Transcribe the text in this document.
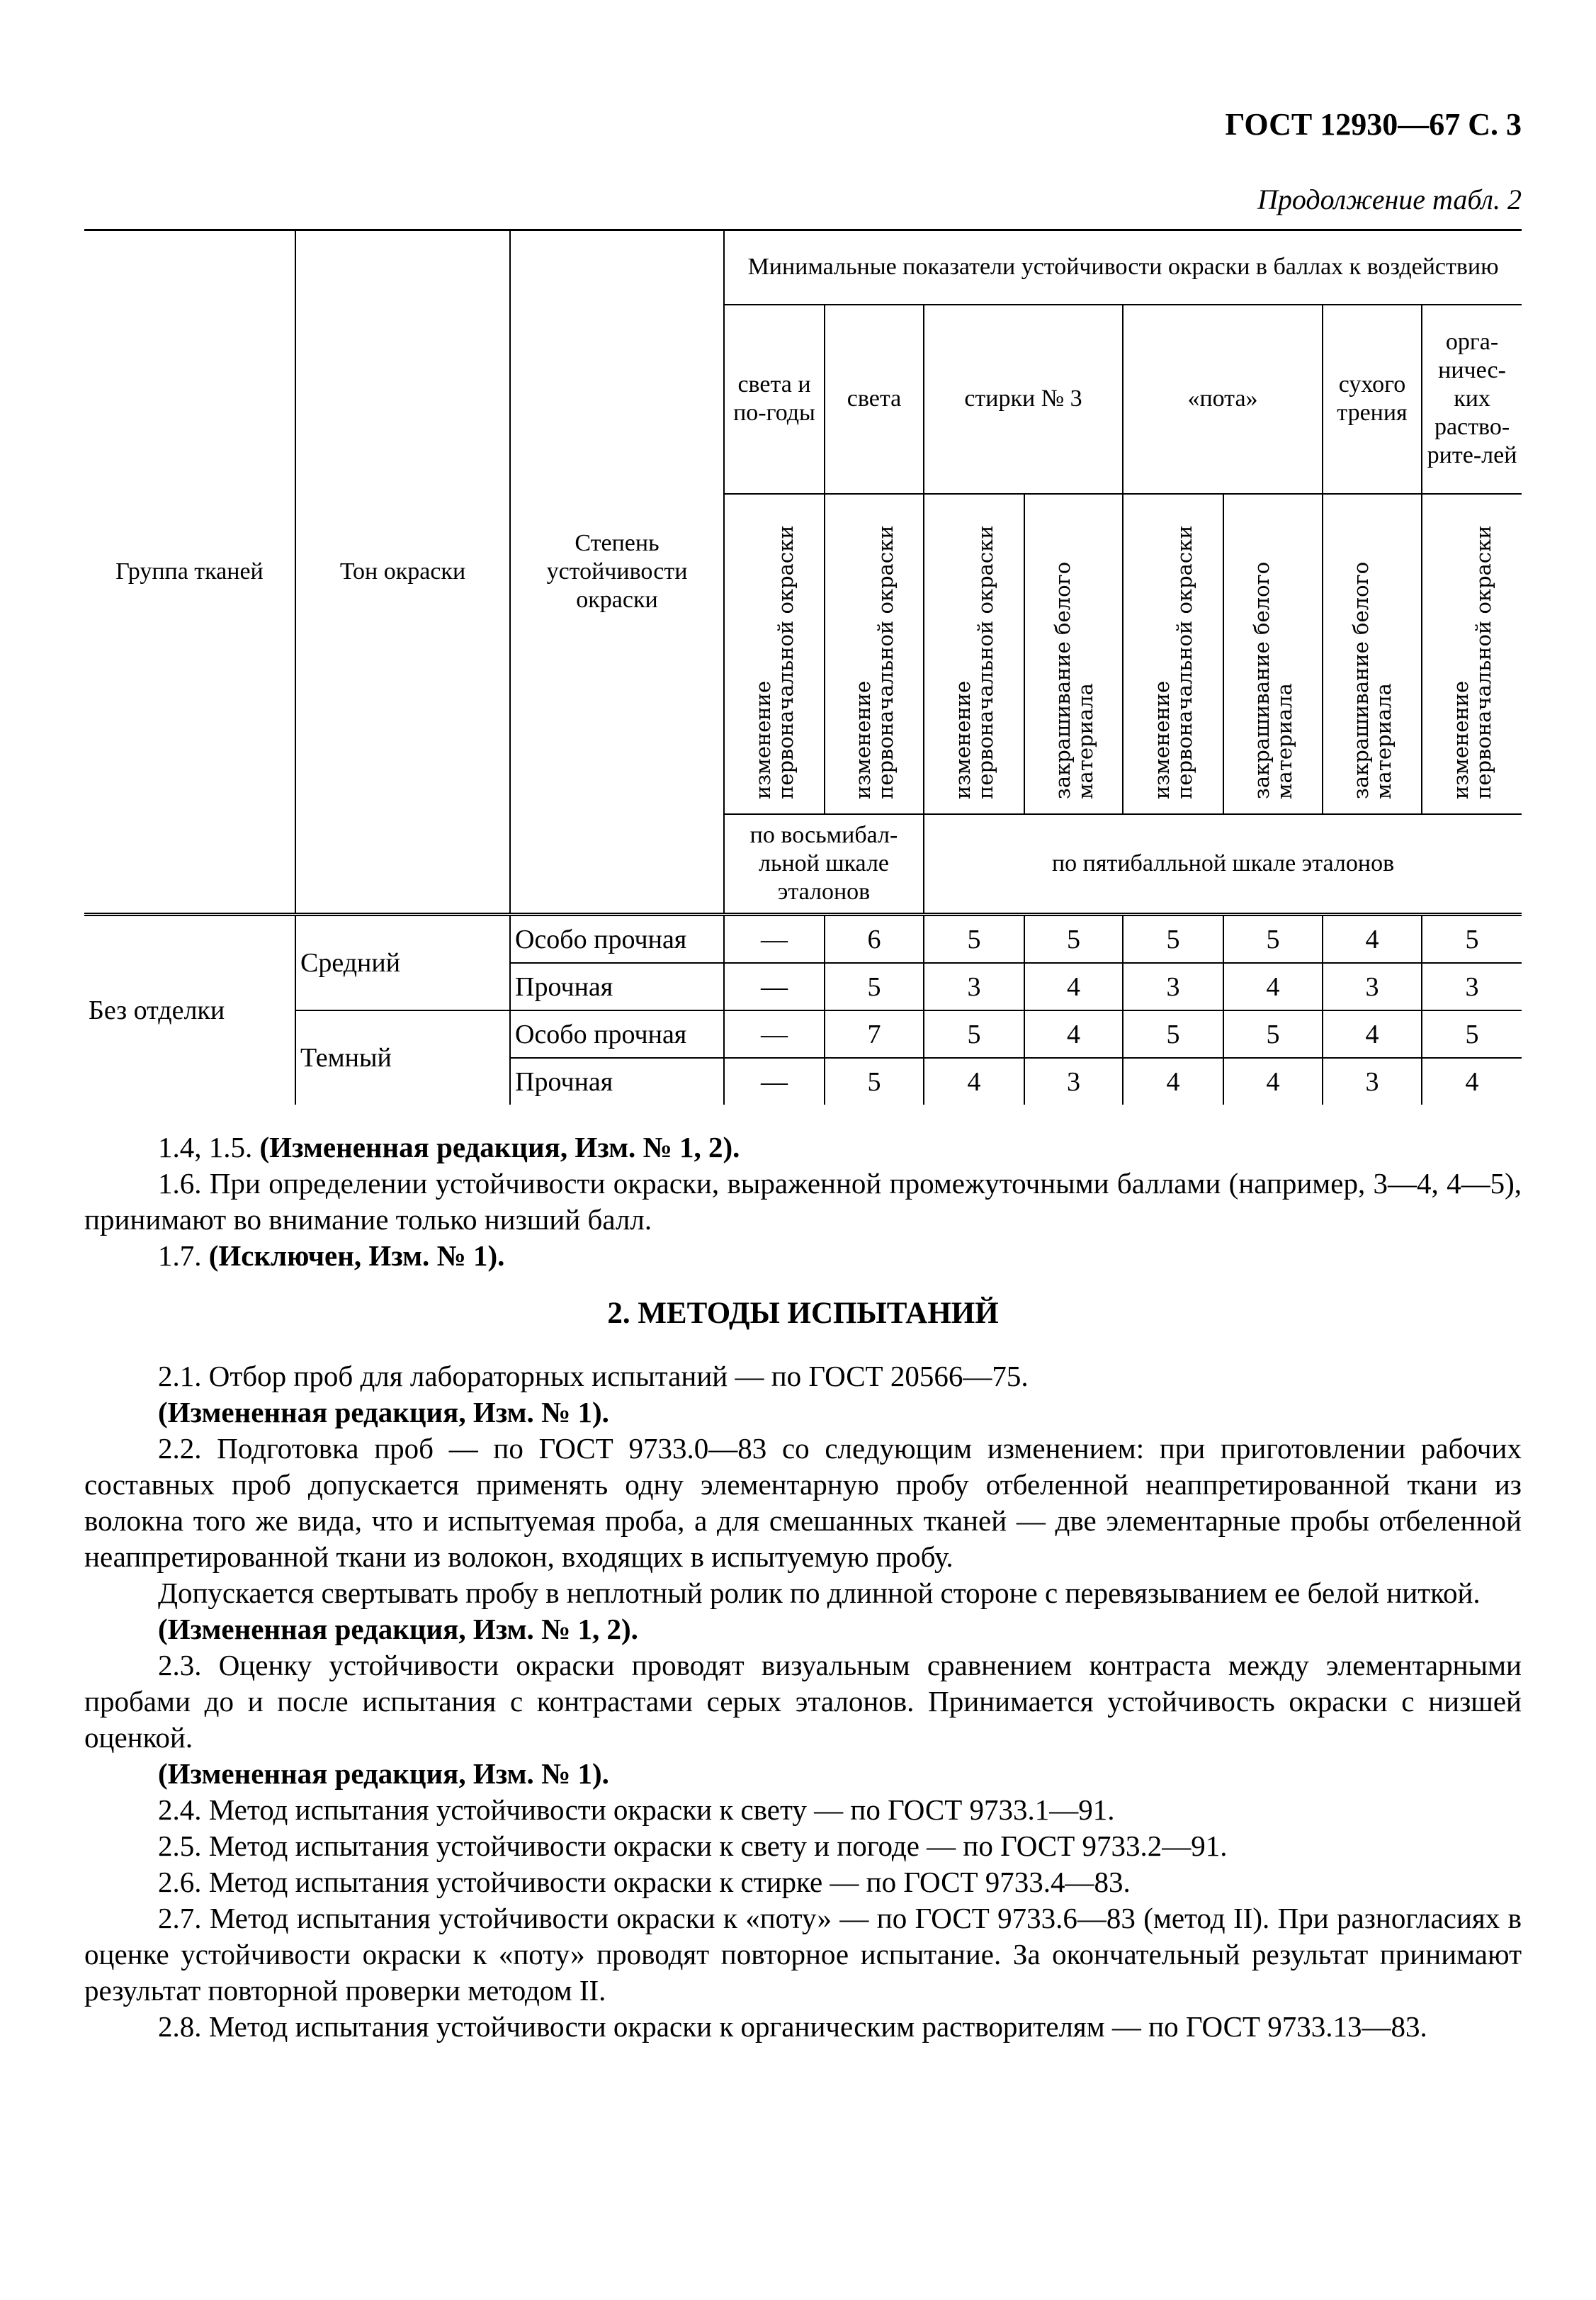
ГОСТ 12930—67 С. 3
Продолжение табл. 2
Группа тканей	Тон окраски	Степень устойчивости окраски	Минимальные показатели устойчивости окраски в баллах к воздействию							
			света и по-годы	света	стирки № 3		«пота»		сухого трения	орга-ничес-ких раство-рите-лей

			изменение первоначальной окраски	изменение первоначальной окраски	изменение первоначальной окраски	закрашивание белого материала	изменение первоначальной окраски	закрашивание белого материала	закрашивание белого материала	изменение первоначальной окраски

			по восьмибал-льной шкале эталонов		по пятибалльной шкале эталонов					
Без отделки	Средний	Особо прочная	—	6	5	5	5	5	4	5
		Прочная	—	5	3	4	3	4	3	3
	Темный	Особо прочная	—	7	5	4	5	5	4	5
		Прочная	—	5	4	3	4	4	3	4

1.4, 1.5. (Измененная редакция, Изм. № 1, 2).

1.6. При определении устойчивости окраски, выраженной промежуточными баллами (например, 3—4, 4—5), принимают во внимание только низший балл.

1.7. (Исключен, Изм. № 1).

2. МЕТОДЫ ИСПЫТАНИЙ

2.1. Отбор проб для лабораторных испытаний — по ГОСТ 20566—75.

(Измененная редакция, Изм. № 1).

2.2. Подготовка проб — по ГОСТ 9733.0—83 со следующим изменением: при приготовлении рабочих составных проб допускается применять одну элементарную пробу отбеленной неаппретированной ткани из волокна того же вида, что и испытуемая проба, а для смешанных тканей — две элементарные пробы отбеленной неаппретированной ткани из волокон, входящих в испытуемую пробу.

Допускается свертывать пробу в неплотный ролик по длинной стороне с перевязыванием ее белой ниткой.

(Измененная редакция, Изм. № 1, 2).

2.3. Оценку устойчивости окраски проводят визуальным сравнением контраста между элементарными пробами до и после испытания с контрастами серых эталонов. Принимается устойчивость окраски с низшей оценкой.

(Измененная редакция, Изм. № 1).

2.4. Метод испытания устойчивости окраски к свету — по ГОСТ 9733.1—91.

2.5. Метод испытания устойчивости окраски к свету и погоде — по ГОСТ 9733.2—91.

2.6. Метод испытания устойчивости окраски к стирке — по ГОСТ 9733.4—83.

2.7. Метод испытания устойчивости окраски к «поту» — по ГОСТ 9733.6—83 (метод II). При разногласиях в оценке устойчивости окраски к «поту» проводят повторное испытание. За окончательный результат принимают результат повторной проверки методом II.

2.8. Метод испытания устойчивости окраски к органическим растворителям — по ГОСТ 9733.13—83.
